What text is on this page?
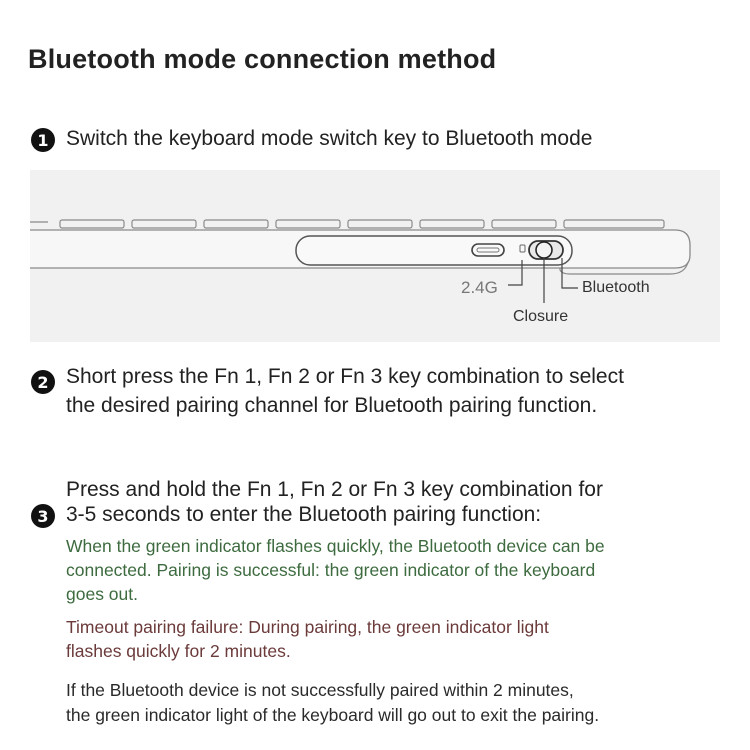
Bluetooth mode connection method
1 Switch the keyboard mode switch key to Bluetooth mode
2.4G	Bluetooth
Closure
2 Short press the Fn 1, Fn 2 or Fn 3 key combination to select
the desired pairing channel for Bluetooth pairing function.
Press and hold the Fn 1, Fn 2 or Fn 3 key combination for
3 3-5 seconds to enter the Bluetooth pairing function:
When the green indicator flashes quickly, the Bluetooth device can be
connected. Pairing is successful: the green indicator of the keyboard
goes out.
Timeout pairing failure: During pairing, the green indicator light
flashes quickly for 2 minutes.
If the Bluetooth device is not successfully paired within 2 minutes,
the green indicator light of the keyboard will go out to exit the pairing.
